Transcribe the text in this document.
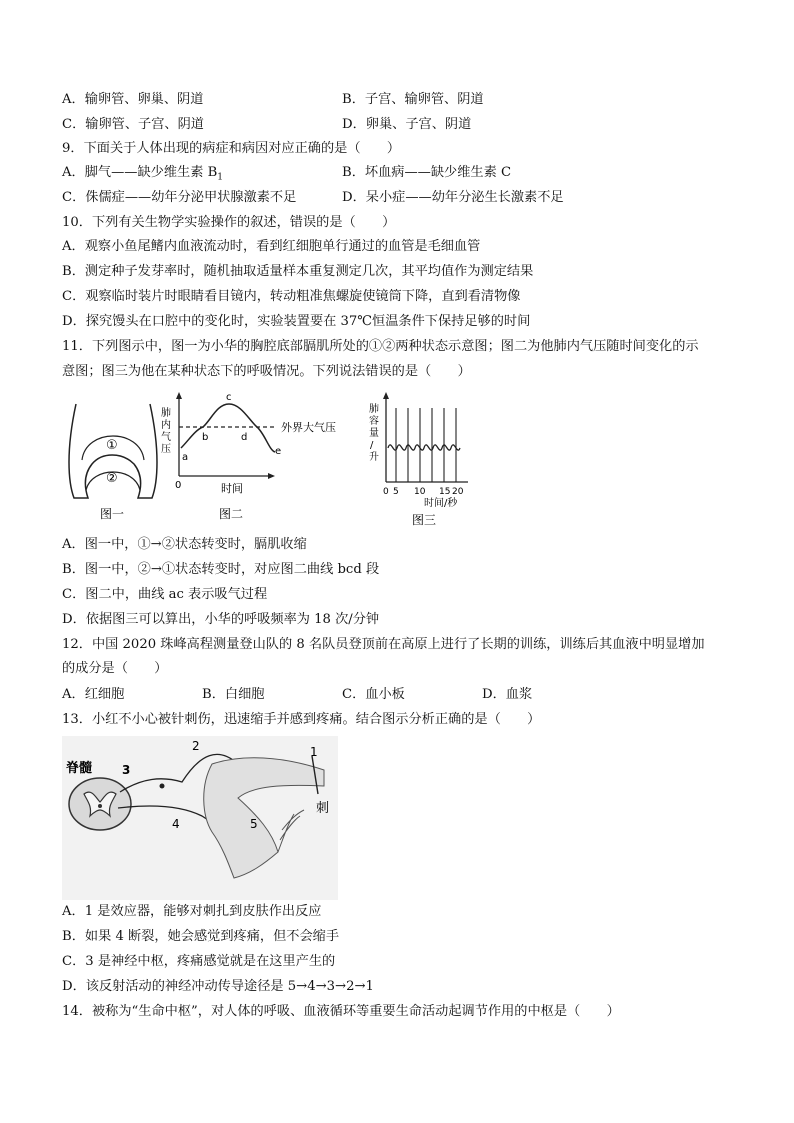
A．输卵管、卵巢、阴道	B．子宫、输卵管、阴道
C．输卵管、子宫、阴道	D．卵巢、子宫、阴道
9．下面关于人体出现的病症和病因对应正确的是（　　）
A．脚气——缺少维生素 $B_1$	B．坏血病——缺少维生素 C
C．侏儒症——幼年分泌甲状腺激素不足	D．呆小症——幼年分泌生长激素不足
10．下列有关生物学实验操作的叙述，错误的是（　　）
A．观察小鱼尾鳍内血液流动时，看到红细胞单行通过的血管是毛细血管
B．测定种子发芽率时，随机抽取适量样本重复测定几次，其平均值作为测定结果
C．观察临时装片时眼睛看目镜内，转动粗准焦螺旋使镜筒下降，直到看清物像
D．探究馒头在口腔中的变化时，实验装置要在 37℃恒温条件下保持足够的时间
11．下列图示中，图一为小华的胸腔底部膈肌所处的①②两种状态示意图；图二为他肺内气压随时间变化的示
意图；图三为他在某种状态下的呼吸情况。下列说法错误的是（　　）
①
②
图一
肺 内 气 压
外界大气压
a
b
c
d
e
0	时间
图二
肺 容 量 / 升
0 5 10 15 20
时间/秒
图三
A．图一中，①→②状态转变时，膈肌收缩
B．图一中，②→①状态转变时，对应图二曲线 bcd 段
C．图二中，曲线 ac 表示吸气过程
D．依据图三可以算出，小华的呼吸频率为 18 次/分钟
12．中国 2020 珠峰高程测量登山队的 8 名队员登顶前在高原上进行了长期的训练，训练后其血液中明显增加
的成分是（　　）
A．红细胞	B．白细胞	C．血小板	D．血浆
13．小红不小心被针刺伤，迅速缩手并感到疼痛。结合图示分析正确的是（　　）
脊髓 3
刺
1
2
4	5
A．1 是效应器，能够对刺扎到皮肤作出反应
B．如果 4 断裂，她会感觉到疼痛，但不会缩手
C．3 是神经中枢，疼痛感觉就是在这里产生的
D．该反射活动的神经冲动传导途径是 5→4→3→2→1
14．被称为“生命中枢”，对人体的呼吸、血液循环等重要生命活动起调节作用的中枢是（　　）
